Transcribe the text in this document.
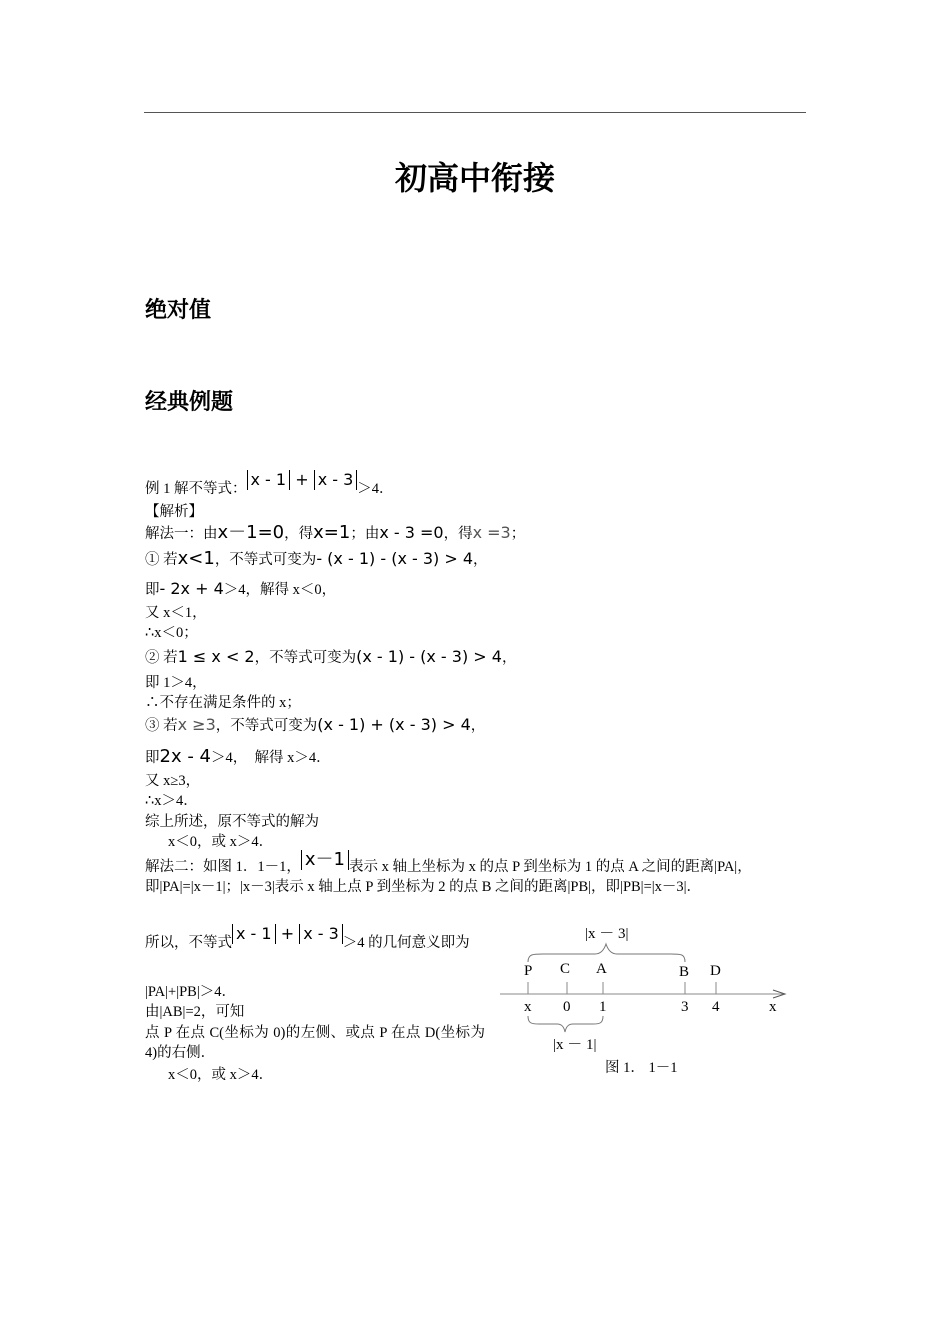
初高中衔接
绝对值
经典例题
例 1 解不等式： x - 1 + x - 3 ＞4．
【解析】
解法一：由x－1=0，得x=1；由x - 3 =0，得x =3；
① 若x<1，不等式可变为- (x - 1) - (x - 3) > 4，
即- 2x + 4＞4，解得 x＜0，
又 x＜1，
∴x＜0；
② 若1 ≤ x < 2，不等式可变为(x - 1) - (x - 3) > 4，
即 1＞4，
∴不存在满足条件的 x；
③ 若x ≥3，不等式可变为(x - 1) + (x - 3) > 4，
即2x - 4＞4，　解得 x＞4．
又 x≥3，
∴x＞4．
综上所述，原不等式的解为
x＜0，或 x＞4．
解法二：如图 1．1－1， x－1 表示 x 轴上坐标为 x 的点 P 到坐标为 1 的点 A 之间的距离|PA|，即|PA|=|x－1|；|x－3|表示 x 轴上点 P 到坐标为 2 的点 B 之间的距离|PB|，即|PB|=|x－3|．
所以，不等式 x - 1 + x - 3 ＞4 的几何意义即为
|PA|+|PB|＞4．
由|AB|=2，可知
点 P 在点 C(坐标为 0)的左侧、或点 P 在点 D(坐标为 4)的右侧．
x＜0，或 x＞4．
|x － 3|
P C A	B D
x 0 1	3 4	x
|x － 1|
图 1． 1－1
